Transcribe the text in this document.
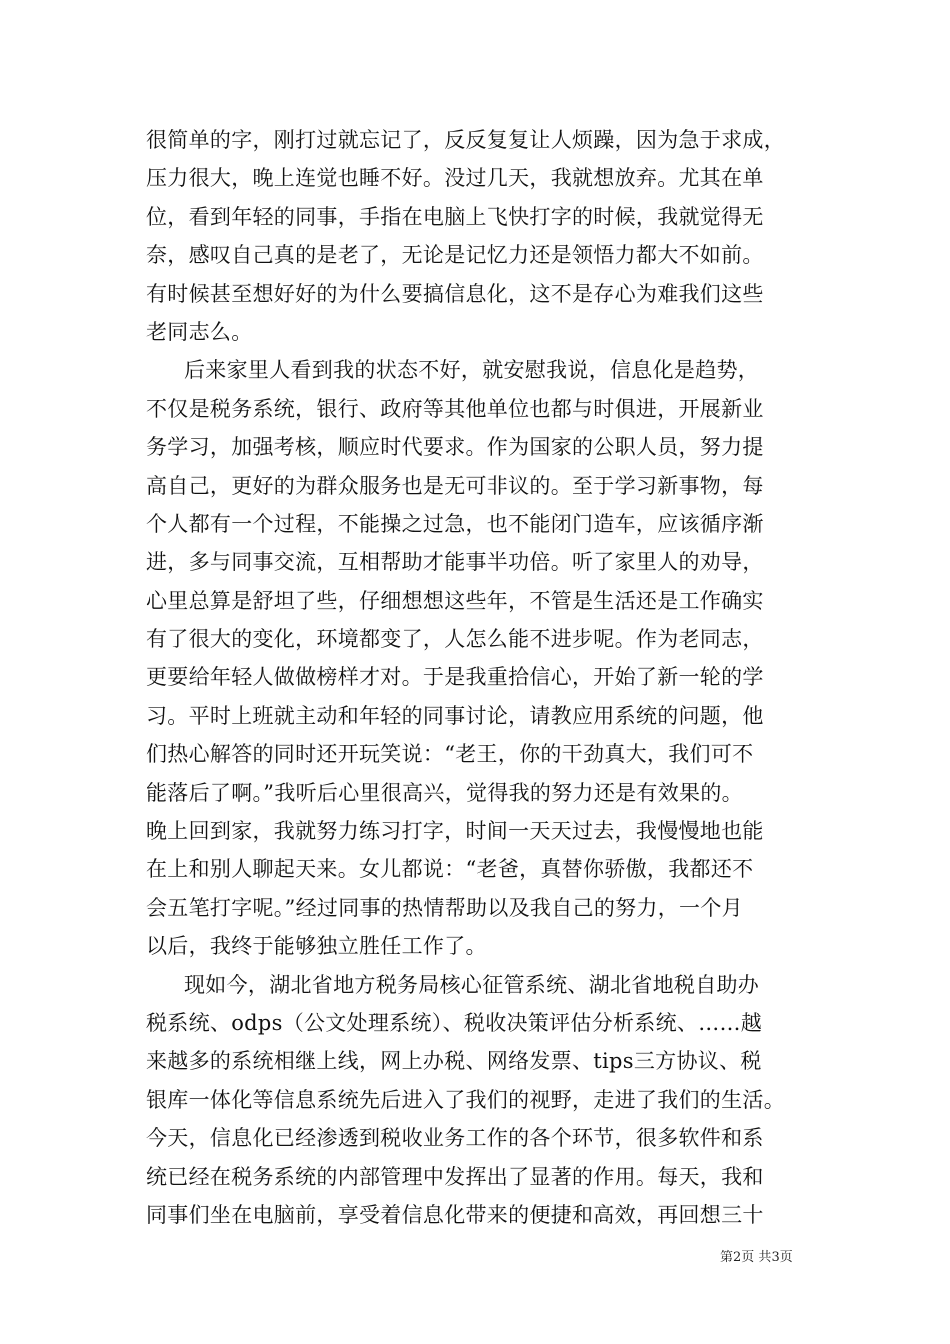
很简单的字，刚打过就忘记了，反反复复让人烦躁，因为急于求成，
压力很大，晚上连觉也睡不好。没过几天，我就想放弃。尤其在单
位，看到年轻的同事，手指在电脑上飞快打字的时候，我就觉得无
奈，感叹自己真的是老了，无论是记忆力还是领悟力都大不如前。
有时候甚至想好好的为什么要搞信息化，这不是存心为难我们这些
老同志么。
后来家里人看到我的状态不好，就安慰我说，信息化是趋势，
不仅是税务系统，银行、政府等其他单位也都与时俱进，开展新业
务学习，加强考核，顺应时代要求。作为国家的公职人员，努力提
高自己，更好的为群众服务也是无可非议的。至于学习新事物，每
个人都有一个过程，不能操之过急，也不能闭门造车，应该循序渐
进，多与同事交流，互相帮助才能事半功倍。听了家里人的劝导，
心里总算是舒坦了些，仔细想想这些年，不管是生活还是工作确实
有了很大的变化，环境都变了，人怎么能不进步呢。作为老同志，
更要给年轻人做做榜样才对。于是我重拾信心，开始了新一轮的学
习。平时上班就主动和年轻的同事讨论，请教应用系统的问题，他
们热心解答的同时还开玩笑说：“老王，你的干劲真大，我们可不
能落后了啊。”我听后心里很高兴，觉得我的努力还是有效果的。
晚上回到家，我就努力练习打字，时间一天天过去，我慢慢地也能
在上和别人聊起天来。女儿都说：“老爸，真替你骄傲，我都还不
会五笔打字呢。”经过同事的热情帮助以及我自己的努力，一个月
以后，我终于能够独立胜任工作了。
现如今，湖北省地方税务局核心征管系统、湖北省地税自助办
税系统、odps（公文处理系统）、税收决策评估分析系统、……越
来越多的系统相继上线，网上办税、网络发票、tips三方协议、税
银库一体化等信息系统先后进入了我们的视野，走进了我们的生活。
今天，信息化已经渗透到税收业务工作的各个环节，很多软件和系
统已经在税务系统的内部管理中发挥出了显著的作用。每天，我和
同事们坐在电脑前，享受着信息化带来的便捷和高效，再回想三十
第2页 共3页
